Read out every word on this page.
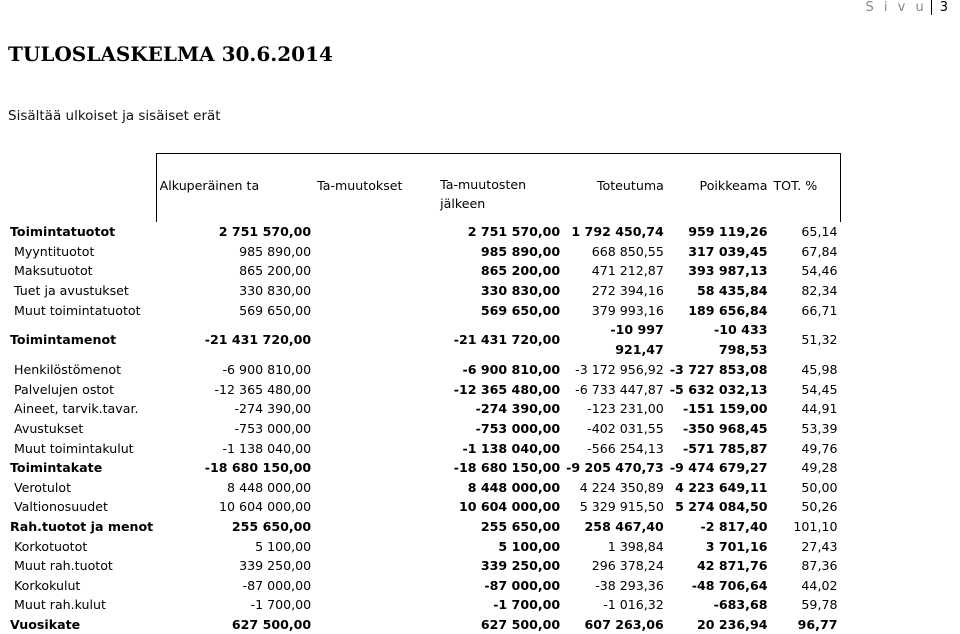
S i v u 3
TULOSLASKELMA 30.6.2014
Sisältää ulkoiset ja sisäiset erät

	Alkuperäinen ta	Ta-muutokset	Ta-muutosten jälkeen	Toteutuma	Poikkeama	TOT. %
Toimintatuotot	2 751 570,00		2 751 570,00	1 792 450,74	959 119,26	65,14
Myyntituotot	985 890,00		985 890,00	668 850,55	317 039,45	67,84
Maksutuotot	865 200,00		865 200,00	471 212,87	393 987,13	54,46
Tuet ja avustukset	330 830,00		330 830,00	272 394,16	58 435,84	82,34
Muut toimintatuotot	569 650,00		569 650,00	379 993,16	189 656,84	66,71
Toimintamenot	-21 431 720,00		-21 431 720,00	-10 997 921,47	-10 433 798,53	51,32
Henkilöstömenot	-6 900 810,00		-6 900 810,00	-3 172 956,92	-3 727 853,08	45,98
Palvelujen ostot	-12 365 480,00		-12 365 480,00	-6 733 447,87	-5 632 032,13	54,45
Aineet, tarvik.tavar.	-274 390,00		-274 390,00	-123 231,00	-151 159,00	44,91
Avustukset	-753 000,00		-753 000,00	-402 031,55	-350 968,45	53,39
Muut toimintakulut	-1 138 040,00		-1 138 040,00	-566 254,13	-571 785,87	49,76
Toimintakate	-18 680 150,00		-18 680 150,00	-9 205 470,73	-9 474 679,27	49,28
Verotulot	8 448 000,00		8 448 000,00	4 224 350,89	4 223 649,11	50,00
Valtionosuudet	10 604 000,00		10 604 000,00	5 329 915,50	5 274 084,50	50,26
Rah.tuotot ja menot	255 650,00		255 650,00	258 467,40	-2 817,40	101,10
Korkotuotot	5 100,00		5 100,00	1 398,84	3 701,16	27,43
Muut rah.tuotot	339 250,00		339 250,00	296 378,24	42 871,76	87,36
Korkokulut	-87 000,00		-87 000,00	-38 293,36	-48 706,64	44,02
Muut rah.kulut	-1 700,00		-1 700,00	-1 016,32	-683,68	59,78
Vuosikate	627 500,00		627 500,00	607 263,06	20 236,94	96,77
